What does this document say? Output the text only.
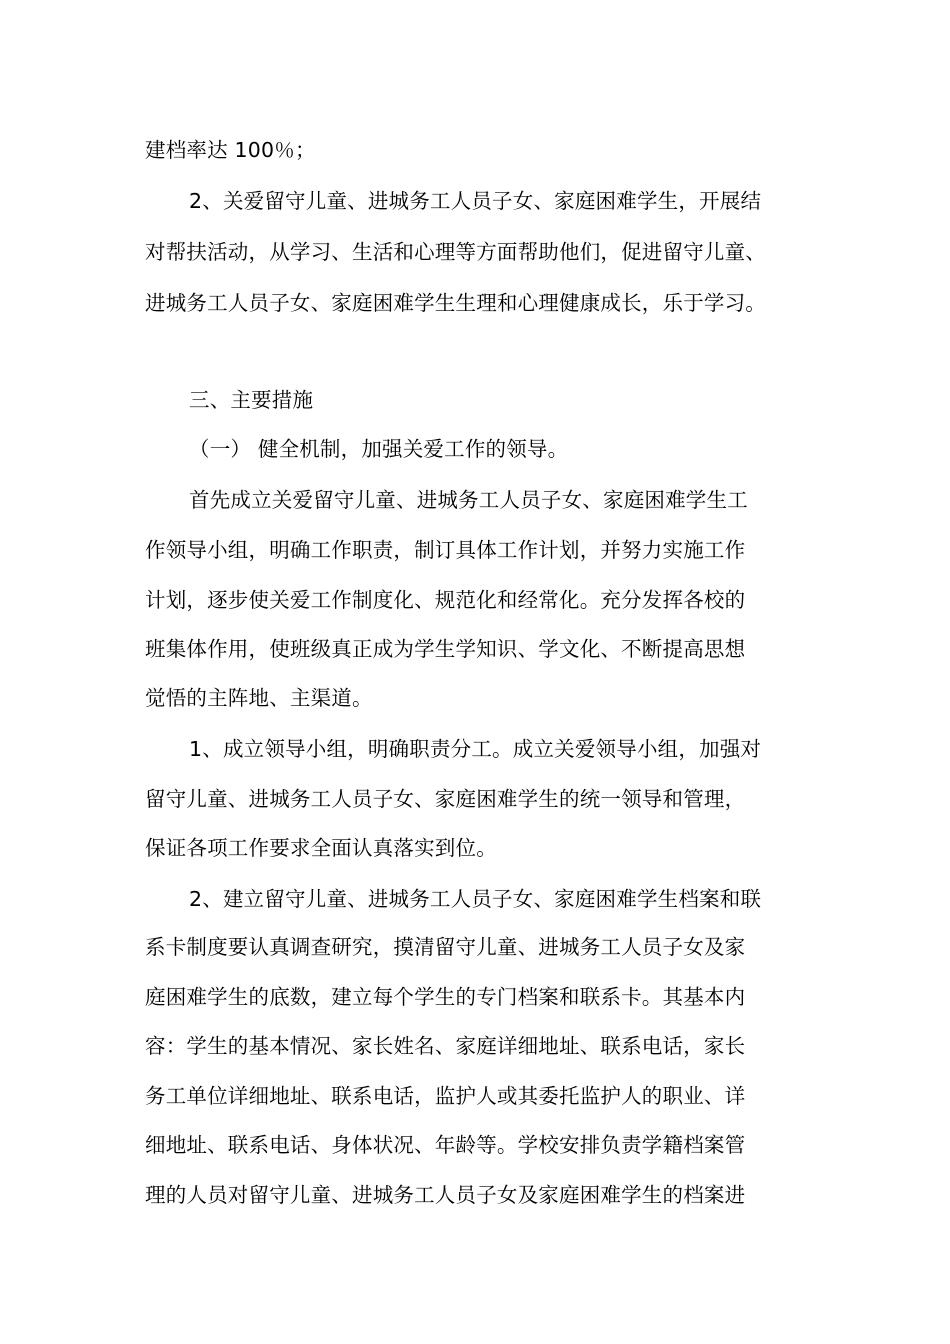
建档率达 100％；
2、关爱留守儿童、进城务工人员子女、家庭困难学生，开展结
对帮扶活动，从学习、生活和心理等方面帮助他们，促进留守儿童、
进城务工人员子女、家庭困难学生生理和心理健康成长，乐于学习。
三、主要措施
（一） 健全机制，加强关爱工作的领导。
首先成立关爱留守儿童、进城务工人员子女、家庭困难学生工
作领导小组，明确工作职责，制订具体工作计划，并努力实施工作
计划，逐步使关爱工作制度化、规范化和经常化。充分发挥各校的
班集体作用，使班级真正成为学生学知识、学文化、不断提高思想
觉悟的主阵地、主渠道。
1、成立领导小组，明确职责分工。成立关爱领导小组，加强对
留守儿童、进城务工人员子女、家庭困难学生的统一领导和管理，
保证各项工作要求全面认真落实到位。
2、建立留守儿童、进城务工人员子女、家庭困难学生档案和联
系卡制度要认真调查研究，摸清留守儿童、进城务工人员子女及家
庭困难学生的底数，建立每个学生的专门档案和联系卡。其基本内
容：学生的基本情况、家长姓名、家庭详细地址、联系电话，家长
务工单位详细地址、联系电话，监护人或其委托监护人的职业、详
细地址、联系电话、身体状况、年龄等。学校安排负责学籍档案管
理的人员对留守儿童、进城务工人员子女及家庭困难学生的档案进
